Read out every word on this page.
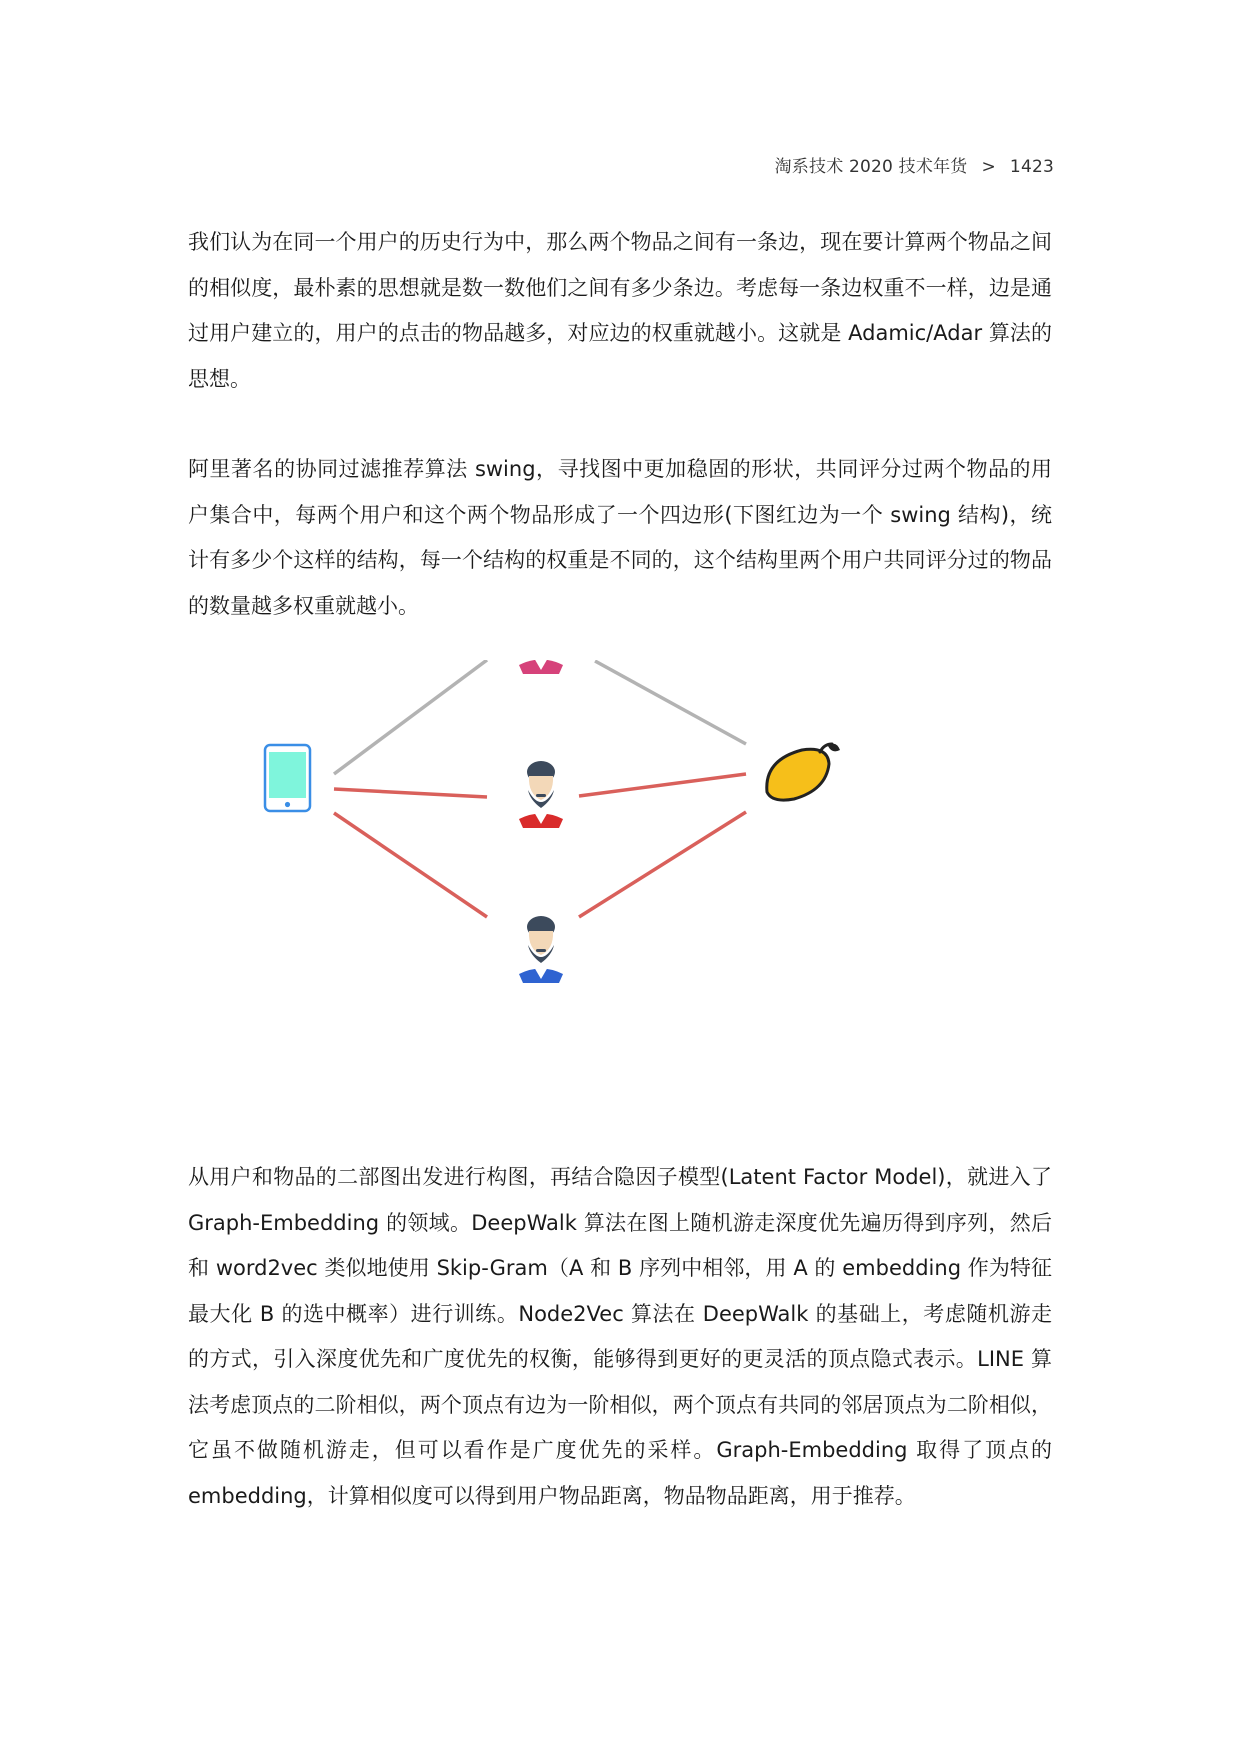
淘系技术 2020 技术年货 > 1423

我们认为在同一个用户的历史行为中，那么两个物品之间有一条边，现在要计算两个物品之间的相似度，最朴素的思想就是数一数他们之间有多少条边。考虑每一条边权重不一样，边是通过用户建立的，用户的点击的物品越多，对应边的权重就越小。这就是 Adamic/Adar 算法的思想。

阿里著名的协同过滤推荐算法 swing，寻找图中更加稳固的形状，共同评分过两个物品的用户集合中，每两个用户和这个两个物品形成了一个四边形(下图红边为一个 swing 结构)，统计有多少个这样的结构，每一个结构的权重是不同的，这个结构里两个用户共同评分过的物品的数量越多权重就越小。

从用户和物品的二部图出发进行构图，再结合隐因子模型(Latent Factor Model)，就进入了 Graph-Embedding 的领域。DeepWalk 算法在图上随机游走深度优先遍历得到序列，然后和 word2vec 类似地使用 Skip-Gram（A 和 B 序列中相邻，用 A 的 embedding 作为特征最大化 B 的选中概率）进行训练。Node2Vec 算法在 DeepWalk 的基础上，考虑随机游走的方式，引入深度优先和广度优先的权衡，能够得到更好的更灵活的顶点隐式表示。LINE 算法考虑顶点的二阶相似，两个顶点有边为一阶相似，两个顶点有共同的邻居顶点为二阶相似，它虽不做随机游走，但可以看作是广度优先的采样。Graph-Embedding 取得了顶点的 embedding，计算相似度可以得到用户物品距离，物品物品距离，用于推荐。
